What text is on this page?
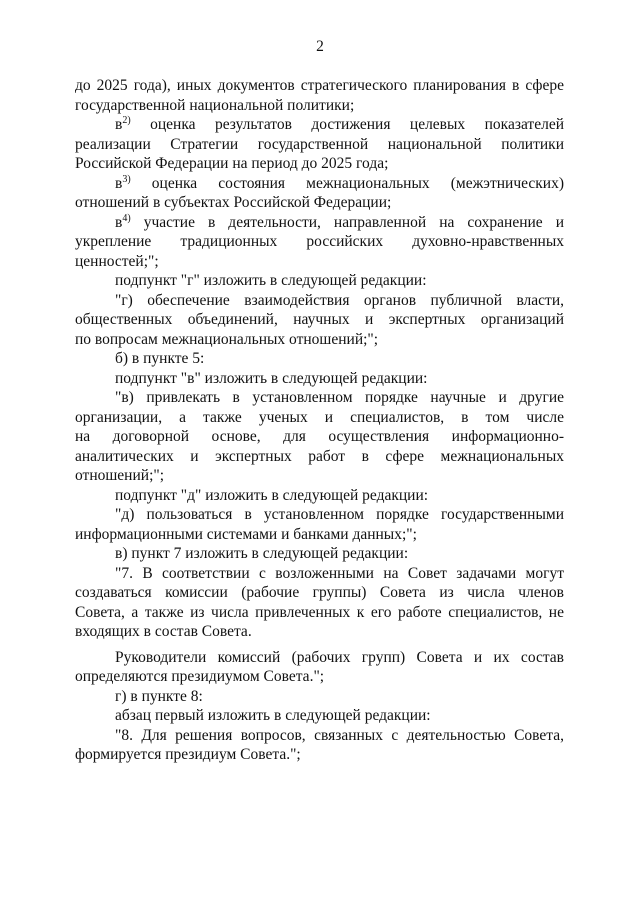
2
до 2025 года), иных документов стратегического планирования в сфере
государственной национальной политики;
$в^{2)}$ оценка результатов достижения целевых показателей
реализации Стратегии государственной национальной политики
Российской Федерации на период до 2025 года;
$в^{3)}$ оценка состояния межнациональных (межэтнических)
отношений в субъектах Российской Федерации;
$в^{4)}$ участие в деятельности, направленной на сохранение и
укрепление традиционных российских духовно-нравственных
ценностей;";
подпункт "г" изложить в следующей редакции:
"г) обеспечение взаимодействия органов публичной власти,
общественных объединений, научных и экспертных организаций
по вопросам межнациональных отношений;";
б) в пункте 5:
подпункт "в" изложить в следующей редакции:
"в) привлекать в установленном порядке научные и другие
организации, а также ученых и специалистов, в том числе
на договорной основе, для осуществления информационно-
аналитических и экспертных работ в сфере межнациональных
отношений;";
подпункт "д" изложить в следующей редакции:
"д) пользоваться в установленном порядке государственными
информационными системами и банками данных;";
в) пункт 7 изложить в следующей редакции:
"7. В соответствии с возложенными на Совет задачами могут
создаваться комиссии (рабочие группы) Совета из числа членов
Совета, а также из числа привлеченных к его работе специалистов, не
входящих в состав Совета.
Руководители комиссий (рабочих групп) Совета и их состав
определяются президиумом Совета.";
г) в пункте 8:
абзац первый изложить в следующей редакции:
"8. Для решения вопросов, связанных с деятельностью Совета,
формируется президиум Совета.";
